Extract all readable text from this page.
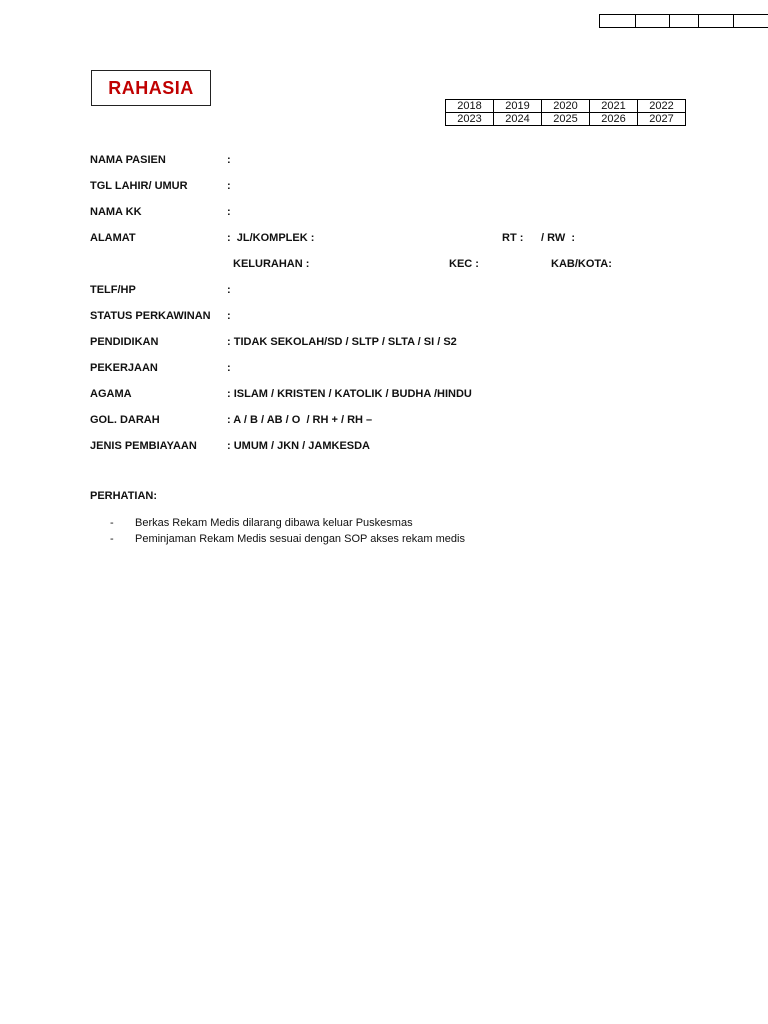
RAHASIA
2018	2019	2020	2021	2022
2023	2024	2025	2026	2027
NAMA PASIEN	:
TGL LAHIR/ UMUR	:
NAMA KK	:
ALAMAT	:  JL/KOMPLEK :	RT : / RW  :
KELURAHAN :	KEC :	KAB/KOTA:
TELF/HP	:
STATUS PERKAWINAN :
PENDIDIKAN	: TIDAK SEKOLAH/SD / SLTP / SLTA / SI / S2
PEKERJAAN	:
AGAMA	: ISLAM / KRISTEN / KATOLIK / BUDHA /HINDU
GOL. DARAH	: A / B / AB / O  / RH + / RH –
JENIS PEMBIAYAAN	: UMUM / JKN / JAMKESDA
PERHATIAN:
- Berkas Rekam Medis dilarang dibawa keluar Puskesmas
- Peminjaman Rekam Medis sesuai dengan SOP akses rekam medis
